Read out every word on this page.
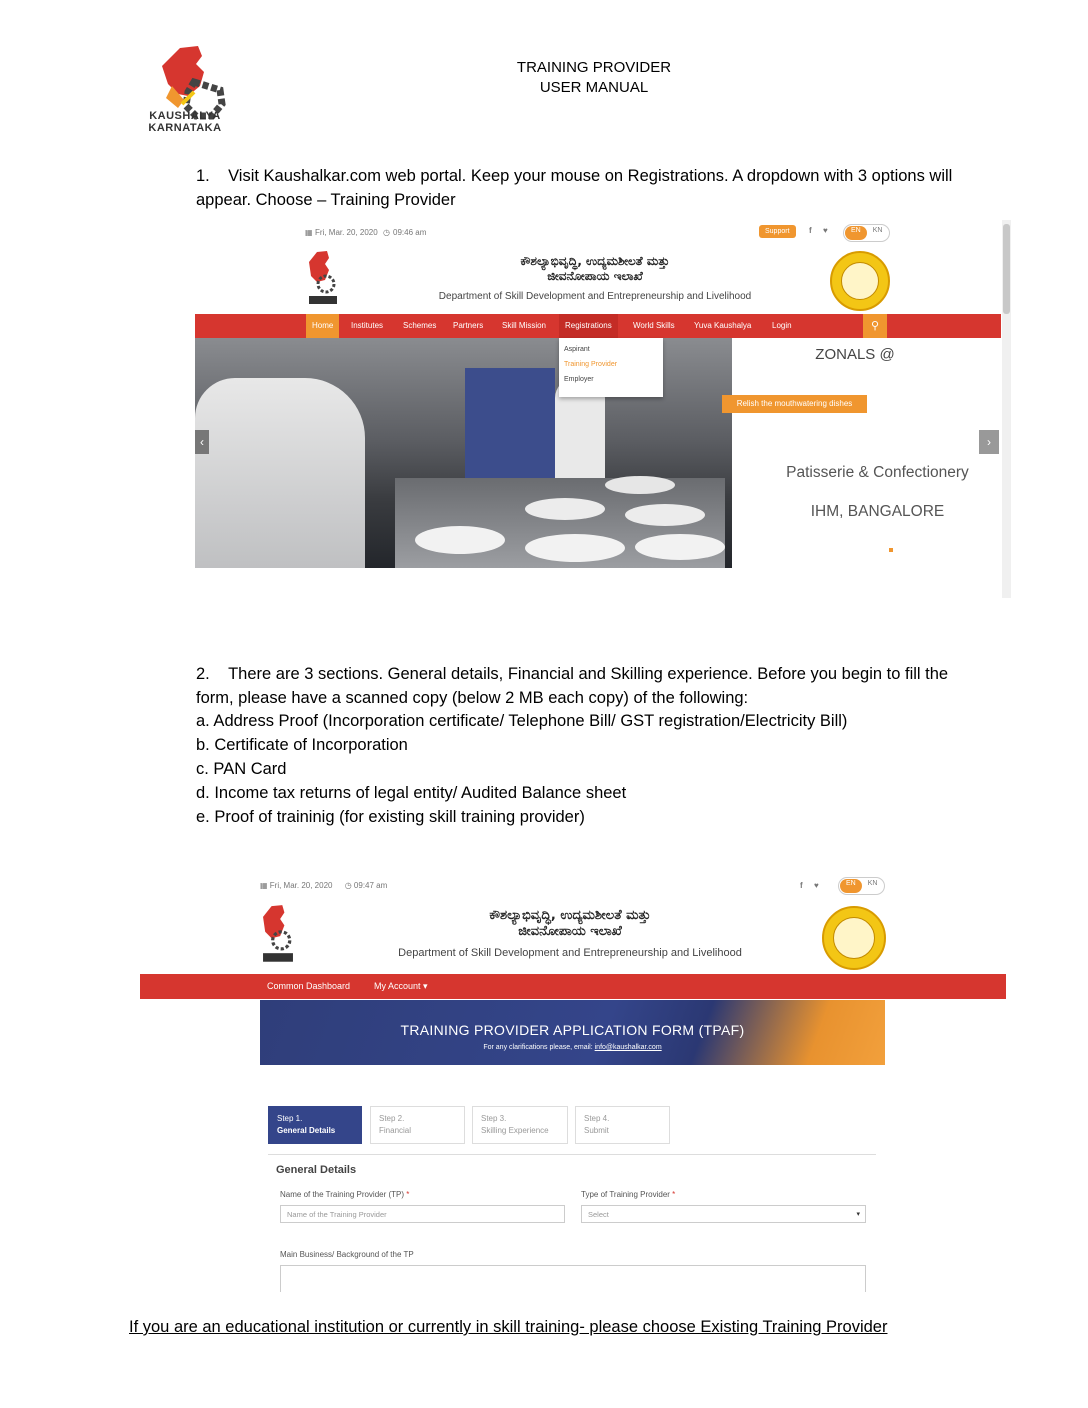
KAUSHALYA
KARNATAKA
TRAINING PROVIDER
USER MANUAL
1.    Visit Kaushalkar.com web portal. Keep your mouse on Registrations. A dropdown with 3 options will appear. Choose – Training Provider
▦ Fri, Mar. 20, 2020 ◷ 09:46 am	Support	f ♥	EN	KN
ಕೌಶಲ್ಯಾಭಿವೃದ್ಧಿ, ಉದ್ಯಮಶೀಲತೆ ಮತ್ತು
ಜೀವನೋಪಾಯ ಇಲಾಖೆ
Department of Skill Development and Entrepreneurship and Livelihood
Home	Institutes Schemes Partners Skill Mission	Registrations	World Skills Yuva Kaushalya	Login	⚲
‹	›
Aspirant
Training Provider
Employer
ZONALS @
Relish the mouthwatering dishes
Patisserie & Confectionery
IHM, BANGALORE
2.    There are 3 sections. General details, Financial and Skilling experience. Before you begin to fill the form, please have a scanned copy (below 2 MB each copy) of the following:
a. Address Proof (Incorporation certificate/ Telephone Bill/ GST registration/Electricity Bill)
b. Certificate of Incorporation
c. PAN Card
d. Income tax returns of legal entity/ Audited Balance sheet
e. Proof of traininig (for existing skill training provider)
▦ Fri, Mar. 20, 2020 ◷ 09:47 am	f ♥	EN	KN
ಕೌಶಲ್ಯಾಭಿವೃದ್ಧಿ, ಉದ್ಯಮಶೀಲತೆ ಮತ್ತು
ಜೀವನೋಪಾಯ ಇಲಾಖೆ
Department of Skill Development and Entrepreneurship and Livelihood
Common Dashboard	My Account ▾
TRAINING PROVIDER APPLICATION FORM (TPAF)
For any clarifications please, email: info@kaushalkar.com
Step 1.
General Details
Step 2.
Financial
Step 3.
Skilling Experience
Step 4.
Submit
General Details
Name of the Training Provider (TP) *
Name of the Training Provider
Type of Training Provider *
Select	▾
Main Business/ Background of the TP
If you are an educational institution or currently in skill training- please choose Existing Training Provider
